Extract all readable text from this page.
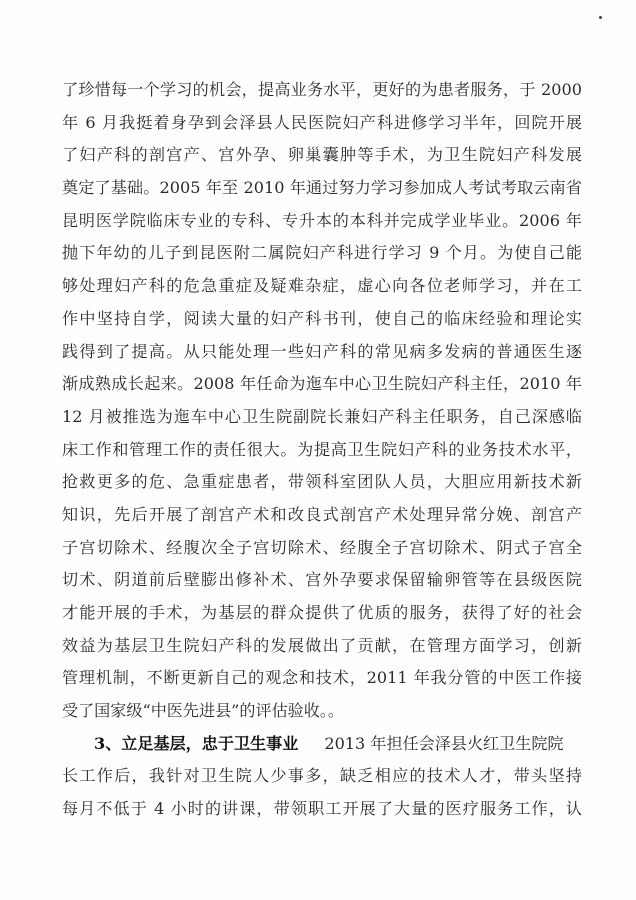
了珍惜每一个学习的机会，提高业务水平，更好的为患者服务，于 2000
年 6 月我挺着身孕到会泽县人民医院妇产科进修学习半年，回院开展
了妇产科的剖宫产、宫外孕、卵巢囊肿等手术，为卫生院妇产科发展
奠定了基础。2005 年至 2010 年通过努力学习参加成人考试考取云南省
昆明医学院临床专业的专科、专升本的本科并完成学业毕业。2006 年
抛下年幼的儿子到昆医附二属院妇产科进行学习 9 个月。为使自己能
够处理妇产科的危急重症及疑难杂症，虚心向各位老师学习，并在工
作中坚持自学，阅读大量的妇产科书刊，使自己的临床经验和理论实
践得到了提高。从只能处理一些妇产科的常见病多发病的普通医生逐
渐成熟成长起来。2008 年任命为迤车中心卫生院妇产科主任，2010 年
12 月被推选为迤车中心卫生院副院长兼妇产科主任职务，自己深感临
床工作和管理工作的责任很大。为提高卫生院妇产科的业务技术水平，
抢救更多的危、急重症患者，带领科室团队人员，大胆应用新技术新
知识，先后开展了剖宫产术和改良式剖宫产术处理异常分娩、剖宫产
子宫切除术、经腹次全子宫切除术、经腹全子宫切除术、阴式子宫全
切术、阴道前后壁膨出修补术、宫外孕要求保留输卵管等在县级医院
才能开展的手术，为基层的群众提供了优质的服务，获得了好的社会
效益为基层卫生院妇产科的发展做出了贡献，在管理方面学习，创新
管理机制，不断更新自己的观念和技术，2011 年我分管的中医工作接
受了国家级“中医先进县”的评估验收。。
3、立足基层，忠于卫生事业 2013 年担任会泽县火红卫生院院
长工作后，我针对卫生院人少事多，缺乏相应的技术人才，带头坚持
每月不低于 4 小时的讲课，带领职工开展了大量的医疗服务工作，认
